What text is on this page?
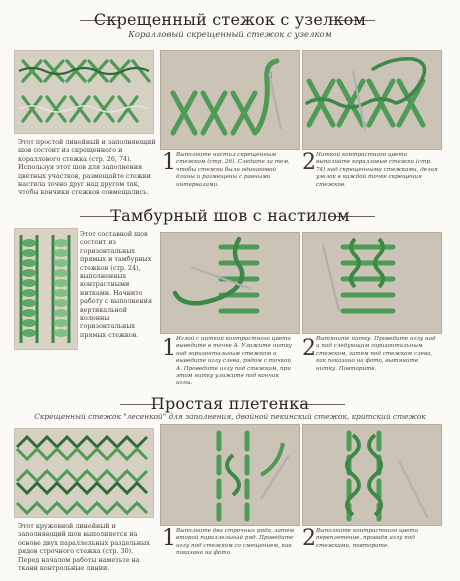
Скрещенный стежок с узелком
Коралловый скрещенный стежок с узелком
Этот простой линейный и заполняющий шов состоит из скрещенного и кораллового стежка (стр. 26, 74). Используя этот шов для заполнения цветных участков, размещайте стежки настила точно друг над другом так, чтобы кончики стежков совмещались.
1 Выполните настил скрещенным стежком (стр. 26). Следите за тем, чтобы стежки были одинаковой длины и размещены с равными интервалами.
2 Ниткой контрастного цвета выполните коралловые стежки (стр. 74) над скрещенными стежками, делая узелок в каждой точке скрещения стежков.
Тамбурный шов с настилом
Этот составной шов состоит из горизонтальных прямых и тамбурных стежков (стр. 24), выполненных контрастными нитками. Начните работу с выполнения вертикальной колонны горизонтальных прямых стежков.
1 Иглой с ниткой контрастного цвета выведите в точке А. Уложите нитку над горизонтальным стежком и выведите иглу слева, рядом с точкой А. Проведите иглу под стежком, при этом нитку уложите под кончик иглы.
2 Вытяните нитку. Проведите иглу над и под следующим горизонтальным стежком, затем под стежком слева, как показано на фото, вытяните нитку. Повторите.
Простая плетенка
Скрещенный стежок "лесенкой" для заполнения, двойной пекинский стежок, критский стежок
Этот кружевной линейный и заполняющий шов выполняется на основе двух параллельных раздельных рядов строчного стежка (стр. 30). Перед началом работы наметьте на ткани контрольные линии.
1 Выполните два строчных ряда, затем второй параллельный ряд. Проведите иглу под стежком со смещением, как показано на фото.
2 Выполните контрастного цвета переплетение, проводя иглу под стежками, повторите.
